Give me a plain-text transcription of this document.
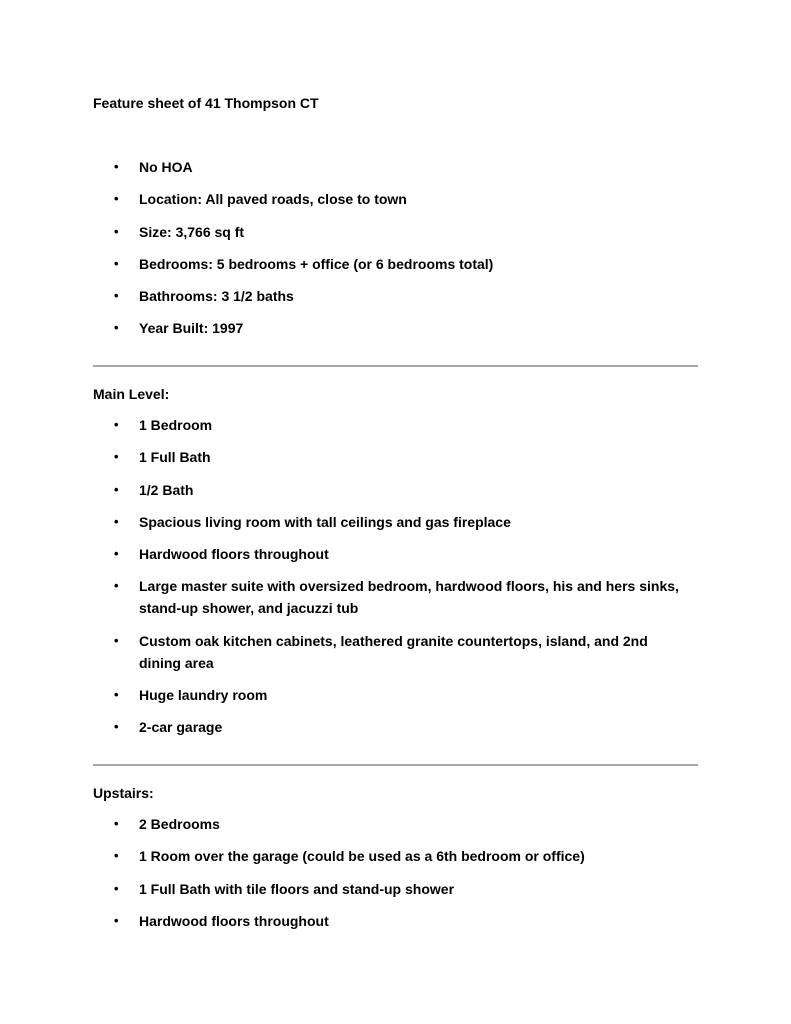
Feature sheet of 41 Thompson CT
• No HOA
• Location: All paved roads, close to town
• Size: 3,766 sq ft
• Bedrooms: 5 bedrooms + office (or 6 bedrooms total)
• Bathrooms: 3 1/2 baths
• Year Built: 1997
Main Level:
• 1 Bedroom
• 1 Full Bath
• 1/2 Bath
• Spacious living room with tall ceilings and gas fireplace
• Hardwood floors throughout
• Large master suite with oversized bedroom, hardwood floors, his and hers sinks, stand-up shower, and jacuzzi tub
• Custom oak kitchen cabinets, leathered granite countertops, island, and 2nd dining area
• Huge laundry room
• 2-car garage
Upstairs:
• 2 Bedrooms
• 1 Room over the garage (could be used as a 6th bedroom or office)
• 1 Full Bath with tile floors and stand-up shower
• Hardwood floors throughout
